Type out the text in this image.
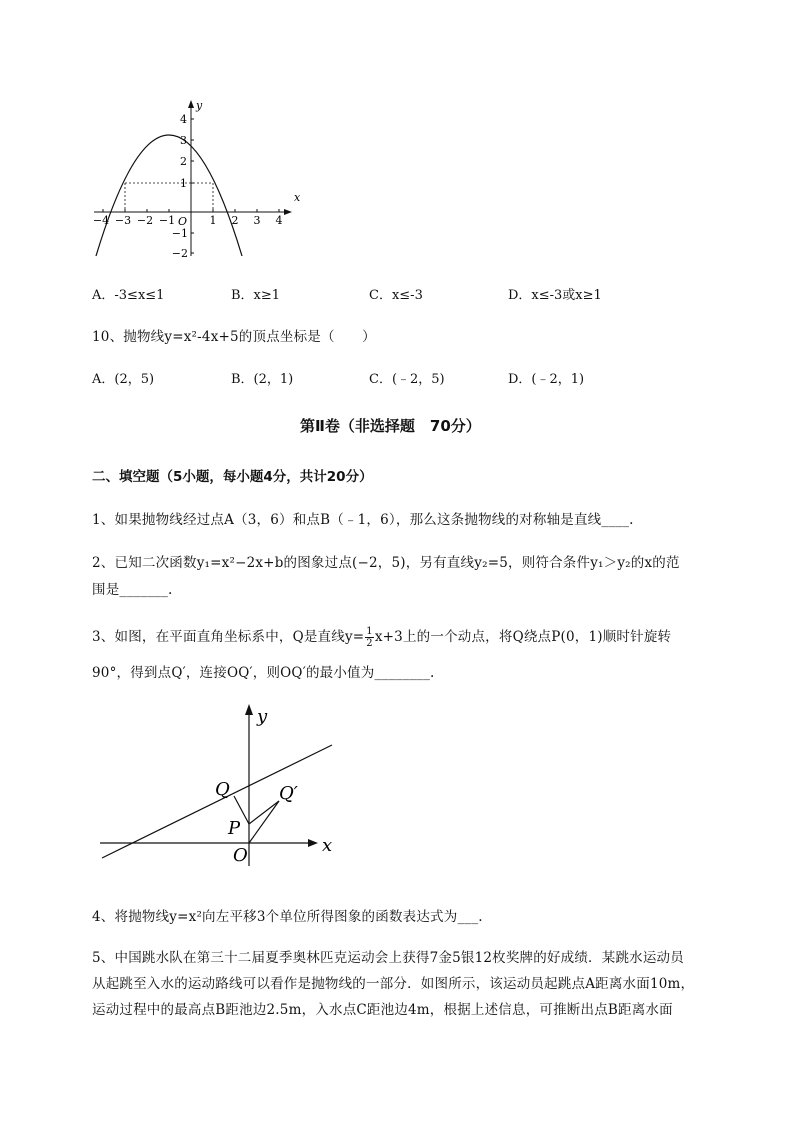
x
y
O
−4 −3 −2 −1	1 2 3 4
4
3
2
1
−1
−2
A．-3≤x≤1	B．x≥1	C．x≤-3	D．x≤-3或x≥1
10、抛物线y=x²-4x+5的顶点坐标是（　　）
A．(2，5)	B．(2，1)	C．(﹣2，5)	D．(﹣2，1)
第Ⅱ卷（非选择题　70分）
二、填空题（5小题，每小题4分，共计20分）
1、如果抛物线经过点A（3，6）和点B（﹣1，6），那么这条抛物线的对称轴是直线____.
2、已知二次函数y₁=x²−2x+b的图象过点(−2，5)，另有直线y₂=5，则符合条件y₁＞y₂的x的范
围是_______.
3、如图，在平面直角坐标系中，Q是直线$y= \frac{1}{2} x+3$上的一个动点，将Q绕点P(0，1)顺时针旋转
90°，得到点Q′，连接OQ′，则OQ′的最小值为________.
y
x
Q	Q′
P
O
4、将抛物线y=x²向左平移3个单位所得图象的函数表达式为___.
5、中国跳水队在第三十二届夏季奥林匹克运动会上获得7金5银12枚奖牌的好成绩．某跳水运动员
从起跳至入水的运动路线可以看作是抛物线的一部分．如图所示，该运动员起跳点A距离水面10m，
运动过程中的最高点B距池边2.5m，入水点C距池边4m，根据上述信息，可推断出点B距离水面
